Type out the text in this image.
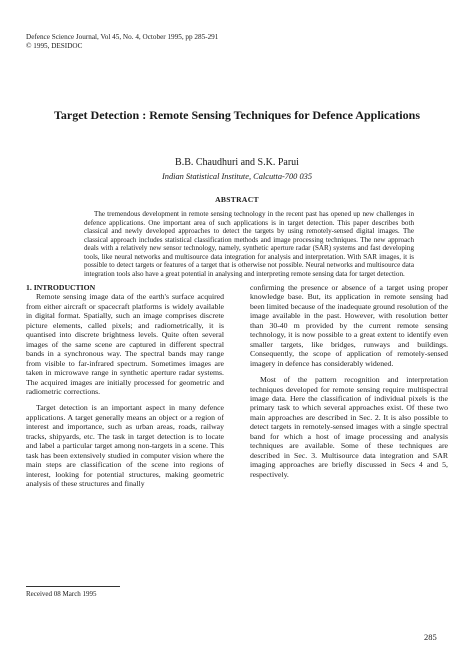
Defence Science Journal, Vol 45, No. 4, October 1995, pp 285-291
© 1995, DESIDOC
Target Detection : Remote Sensing Techniques for Defence Applications
B.B. Chaudhuri and S.K. Parui
Indian Statistical Institute, Calcutta-700 035
ABSTRACT
The tremendous development in remote sensing technology in the recent past has opened up new challenges in defence applications. One important area of such applications is in target detection. This paper describes both classical and newly developed approaches to detect the targets by using remotely-sensed digital images. The classical approach includes statistical classification methods and image processing techniques. The new approach deals with a relatively new sensor technology, namely, synthetic aperture radar (SAR) systems and fast developing tools, like neural networks and multisource data integration for analysis and interpretation. With SAR images, it is possible to detect targets or features of a target that is otherwise not possible. Neural networks and multisource data integration tools also have a great potential in analysing and interpreting remote sensing data for target detection.

1. INTRODUCTION

Remote sensing image data of the earth's surface acquired from either aircraft or spacecraft platforms is widely available in digital format. Spatially, such an image comprises discrete picture elements, called pixels; and radiometrically, it is quantised into discrete brightness levels. Quite often several images of the same scene are captured in different spectral bands in a synchronous way. The spectral bands may range from visible to far-infrared spectrum. Sometimes images are taken in microwave range in synthetic aperture radar systems. The acquired images are initially processed for geometric and radiometric corrections.

Target detection is an important aspect in many defence applications. A target generally means an object or a region of interest and importance, such as urban areas, roads, railway tracks, shipyards, etc. The task in target detection is to locate and label a particular target among non-targets in a scene. This task has been extensively studied in computer vision where the main steps are classification of the scene into regions of interest, looking for potential structures, making geometric analysis of these structures and finally

confirming the presence or absence of a target using proper knowledge base. But, its application in remote sensing had been limited because of the inadequate ground resolution of the image available in the past. However, with resolution better than 30-40 m provided by the current remote sensing technology, it is now possible to a great extent to identify even smaller targets, like bridges, runways and buildings. Consequently, the scope of application of remotely-sensed imagery in defence has considerably widened.

Most of the pattern recognition and interpretation techniques developed for remote sensing require multispectral image data. Here the classification of individual pixels is the primary task to which several approaches exist. Of these two main approaches are described in Sec. 2. It is also possible to detect targets in remotely-sensed images with a single spectral band for which a host of image processing and analysis techniques are available. Some of these techniques are described in Sec. 3. Multisource data integration and SAR imaging approaches are briefly discussed in Secs 4 and 5, respectively.

Received 08 March 1995
285
